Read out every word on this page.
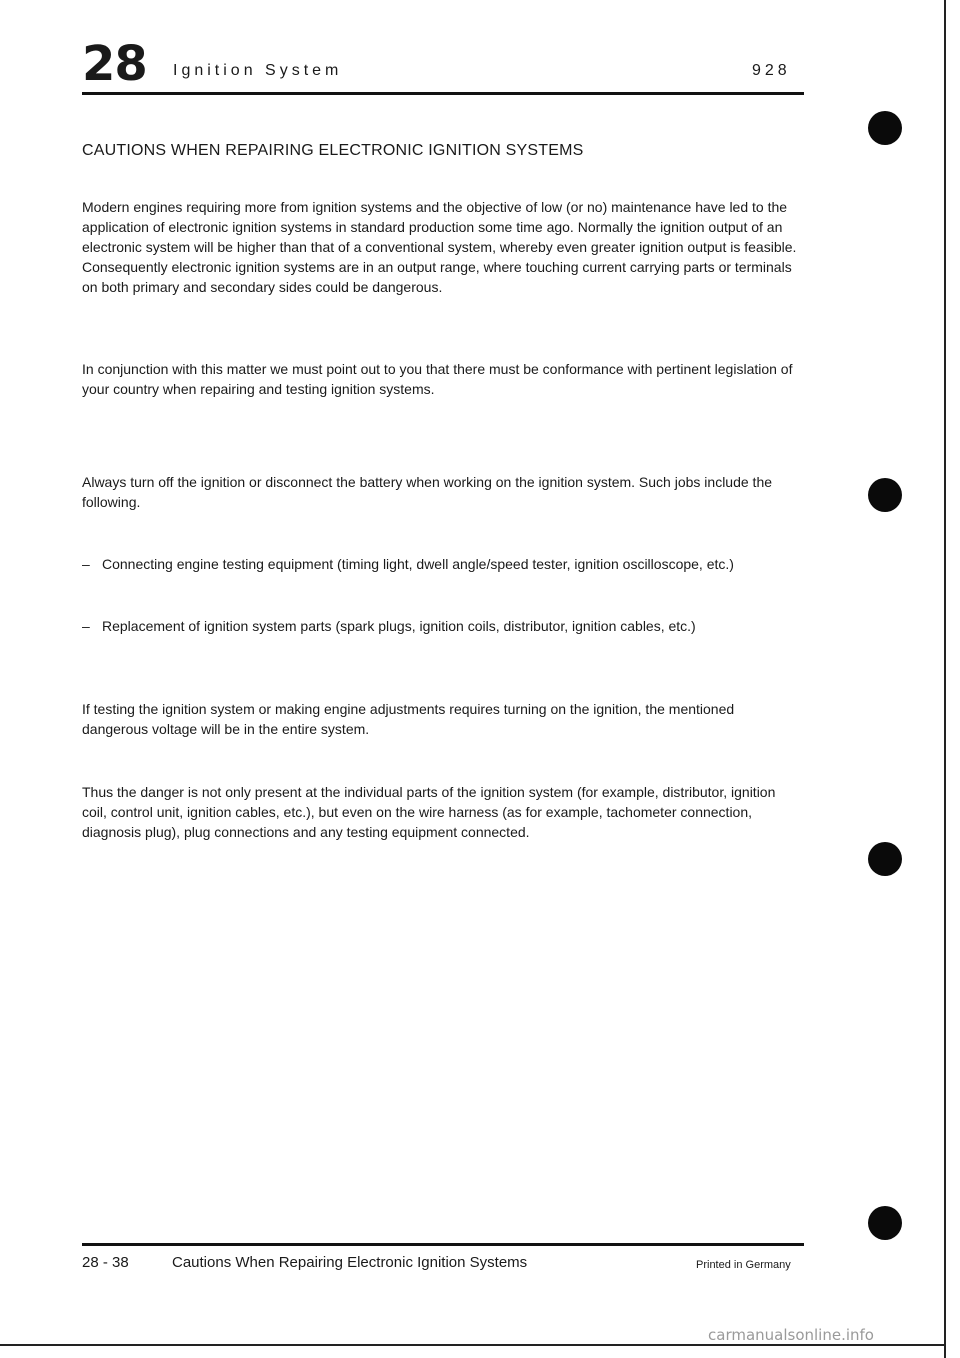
28 Ignition System	928
CAUTIONS WHEN REPAIRING ELECTRONIC IGNITION SYSTEMS

Modern engines requiring more from ignition systems and the objective of low (or no) maintenance have led to the application of electronic ignition systems in standard production some time ago. Normally the ignition output of an electronic system will be higher than that of a conventional system, whereby even greater ignition output is feasible. Consequently electronic ignition systems are in an output range, where touching current carrying parts or terminals on both primary and secondary sides could be dangerous.

In conjunction with this matter we must point out to you that there must be conformance with pertinent legislation of your country when repairing and testing ignition systems.

Always turn off the ignition or disconnect the battery when working on the ignition system. Such jobs include the following.

– Connecting engine testing equipment (timing light, dwell angle/speed tester, ignition oscilloscope, etc.)
– Replacement of ignition system parts (spark plugs, ignition coils, distributor, ignition cables, etc.)

If testing the ignition system or making engine adjustments requires turning on the ignition, the mentioned dangerous voltage will be in the entire system.

Thus the danger is not only present at the individual parts of the ignition system (for example, distributor, ignition coil, control unit, ignition cables, etc.), but even on the wire harness (as for example, tachometer connection, diagnosis plug), plug connections and any testing equipment connected.

28 - 38	Cautions When Repairing Electronic Ignition Systems	Printed in Germany
carmanualsonline.info
